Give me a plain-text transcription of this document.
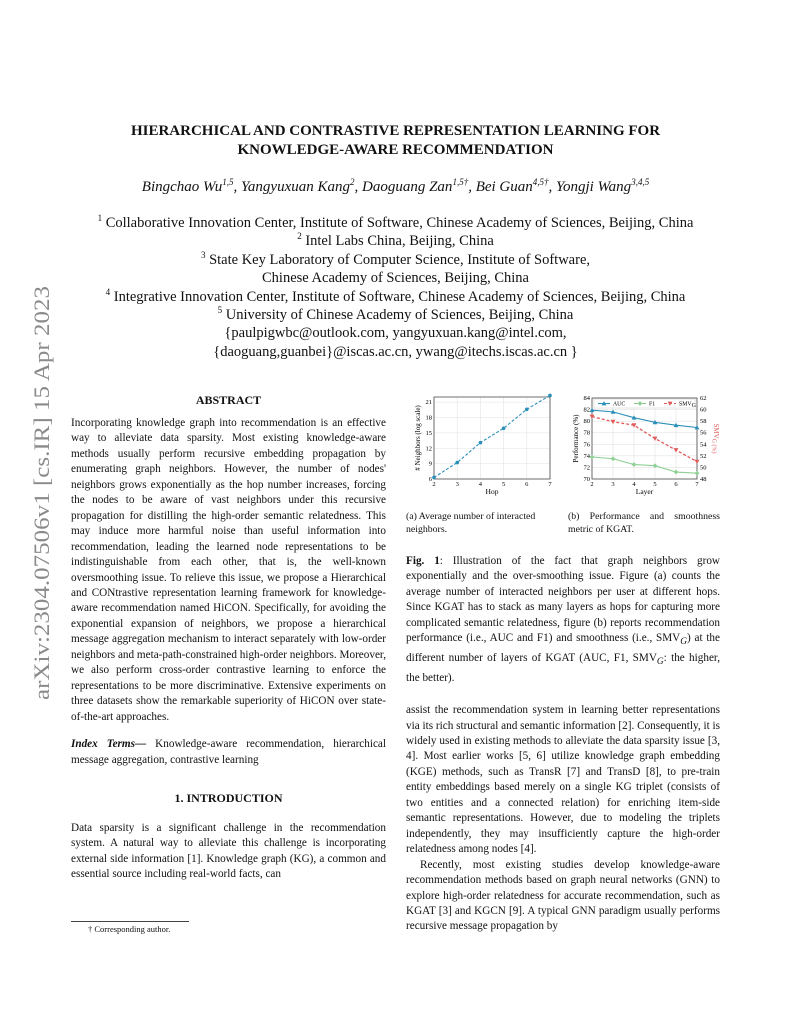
arXiv:2304.07506v1 [cs.IR] 15 Apr 2023
HIERARCHICAL AND CONTRASTIVE REPRESENTATION LEARNING FOR
KNOWLEDGE-AWARE RECOMMENDATION
Bingchao Wu$^{1,5}$, Yangyuxuan Kang$^2$, Daoguang Zan$^{1,5\dagger}$, Bei Guan$^{4,5\dagger}$, Yongji Wang$^{3,4,5}$
$^1$ Collaborative Innovation Center, Institute of Software, Chinese Academy of Sciences, Beijing, China
$^2$ Intel Labs China, Beijing, China
$^3$ State Key Laboratory of Computer Science, Institute of Software,
Chinese Academy of Sciences, Beijing, China
$^4$ Integrative Innovation Center, Institute of Software, Chinese Academy of Sciences, Beijing, China
$^5$ University of Chinese Academy of Sciences, Beijing, China
{paulpigwbc@outlook.com, yangyuxuan.kang@intel.com,
{daoguang,guanbei}@iscas.ac.cn, ywang@itechs.iscas.ac.cn }
ABSTRACT

Incorporating knowledge graph into recommendation is an effective way to alleviate data sparsity. Most existing knowledge-aware methods usually perform recursive embedding propagation by enumerating graph neighbors. However, the number of nodes' neighbors grows exponentially as the hop number increases, forcing the nodes to be aware of vast neighbors under this recursive propagation for distilling the high-order semantic relatedness. This may induce more harmful noise than useful information into recommendation, leading the learned node representations to be indistinguishable from each other, that is, the well-known oversmoothing issue. To relieve this issue, we propose a Hierarchical and CONtrastive representation learning framework for knowledge-aware recommendation named HiCON. Specifically, for avoiding the exponential expansion of neighbors, we propose a hierarchical message aggregation mechanism to interact separately with low-order neighbors and meta-path-constrained high-order neighbors. Moreover, we also perform cross-order contrastive learning to enforce the representations to be more discriminative. Extensive experiments on three datasets show the remarkable superiority of HiCON over state-of-the-art approaches.

Index Terms— Knowledge-aware recommendation, hierarchical message aggregation, contrastive learning

1. INTRODUCTION

Data sparsity is a significant challenge in the recommendation system. A natural way to alleviate this challenge is incorporating external side information [1]. Knowledge graph (KG), a common and essential source including real-world facts, can

† Corresponding author.
6
9
12
15
18
21
2	3	4	5	6	7
Hop
# Neighbors (log scale)
70
72
74
76
78
80
82
84
2	3	4	5	6	7
48
50
52
54
56
58
60
62
Layer
Performance (%)	SMVG (%)
AUC	F1	SMVG
(a) Average number of interacted neighbors.
(b) Performance and smoothness metric of KGAT.

Fig. 1: Illustration of the fact that graph neighbors grow exponentially and the over-smoothing issue. Figure (a) counts the average number of interacted neighbors per user at different hops. Since KGAT has to stack as many layers as hops for capturing more complicated semantic relatedness, figure (b) reports recommendation performance (i.e., AUC and F1) and smoothness (i.e., $SMV_G$) at the different number of layers of KGAT (AUC, F1, $SMV_G$: the higher, the better).

assist the recommendation system in learning better representations via its rich structural and semantic information [2]. Consequently, it is widely used in existing methods to alleviate the data sparsity issue [3, 4]. Most earlier works [5, 6] utilize knowledge graph embedding (KGE) methods, such as TransR [7] and TransD [8], to pre-train entity embeddings based merely on a single KG triplet (consists of two entities and a connected relation) for enriching item-side semantic representations. However, due to modeling the triplets independently, they may insufficiently capture the high-order relatedness among nodes [4].

Recently, most existing studies develop knowledge-aware recommendation methods based on graph neural networks (GNN) to explore high-order relatedness for accurate recommendation, such as KGAT [3] and KGCN [9]. A typical GNN paradigm usually performs recursive message propagation by
